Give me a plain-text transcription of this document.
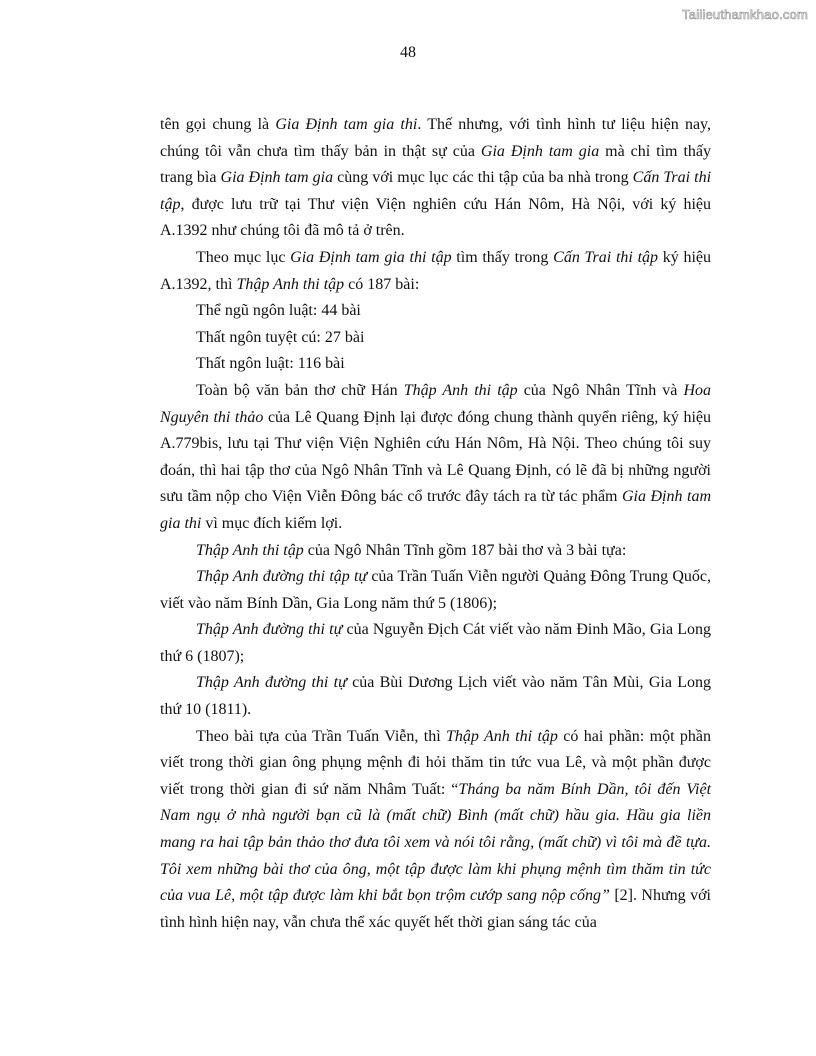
Tailieuthamkhao.com
48

tên gọi chung là Gia Định tam gia thi. Thế nhưng, với tình hình tư liệu hiện nay, chúng tôi vẫn chưa tìm thấy bản in thật sự của Gia Định tam gia mà chỉ tìm thấy trang bìa Gia Định tam gia cùng với mục lục các thi tập của ba nhà trong Cấn Trai thi tập, được lưu trữ tại Thư viện Viện nghiên cứu Hán Nôm, Hà Nội, với ký hiệu A.1392 như chúng tôi đã mô tả ở trên.

Theo mục lục Gia Định tam gia thi tập tìm thấy trong Cấn Trai thi tập ký hiệu A.1392, thì Thập Anh thi tập có 187 bài:

Thể ngũ ngôn luật: 44 bài

Thất ngôn tuyệt cú: 27 bài

Thất ngôn luật: 116 bài

Toàn bộ văn bản thơ chữ Hán Thập Anh thi tập của Ngô Nhân Tĩnh và Hoa Nguyên thi thảo của Lê Quang Định lại được đóng chung thành quyển riêng, ký hiệu A.779bis, lưu tại Thư viện Viện Nghiên cứu Hán Nôm, Hà Nội. Theo chúng tôi suy đoán, thì hai tập thơ của Ngô Nhân Tĩnh và Lê Quang Định, có lẽ đã bị những người sưu tầm nộp cho Viện Viễn Đông bác cổ trước đây tách ra từ tác phẩm Gia Định tam gia thi vì mục đích kiếm lợi.

Thập Anh thi tập của Ngô Nhân Tĩnh gồm 187 bài thơ và 3 bài tựa:

Thập Anh đường thi tập tự của Trần Tuấn Viễn người Quảng Đông Trung Quốc, viết vào năm Bính Dần, Gia Long năm thứ 5 (1806);

Thập Anh đường thi tự của Nguyễn Địch Cát viết vào năm Đinh Mão, Gia Long thứ 6 (1807);

Thập Anh đường thi tự của Bùi Dương Lịch viết vào năm Tân Mùi, Gia Long thứ 10 (1811).

Theo bài tựa của Trần Tuấn Viễn, thì Thập Anh thi tập có hai phần: một phần viết trong thời gian ông phụng mệnh đi hỏi thăm tin tức vua Lê, và một phần được viết trong thời gian đi sứ năm Nhâm Tuất: “Tháng ba năm Bính Dần, tôi đến Việt Nam ngụ ở nhà người bạn cũ là (mất chữ) Bình (mất chữ) hầu gia. Hầu gia liền mang ra hai tập bản thảo thơ đưa tôi xem và nói tôi rằng, (mất chữ) vì tôi mà đề tựa. Tôi xem những bài thơ của ông, một tập được làm khi phụng mệnh tìm thăm tin tức của vua Lê, một tập được làm khi bắt bọn trộm cướp sang nộp cống” [2]. Nhưng với tình hình hiện nay, vẫn chưa thể xác quyết hết thời gian sáng tác của
